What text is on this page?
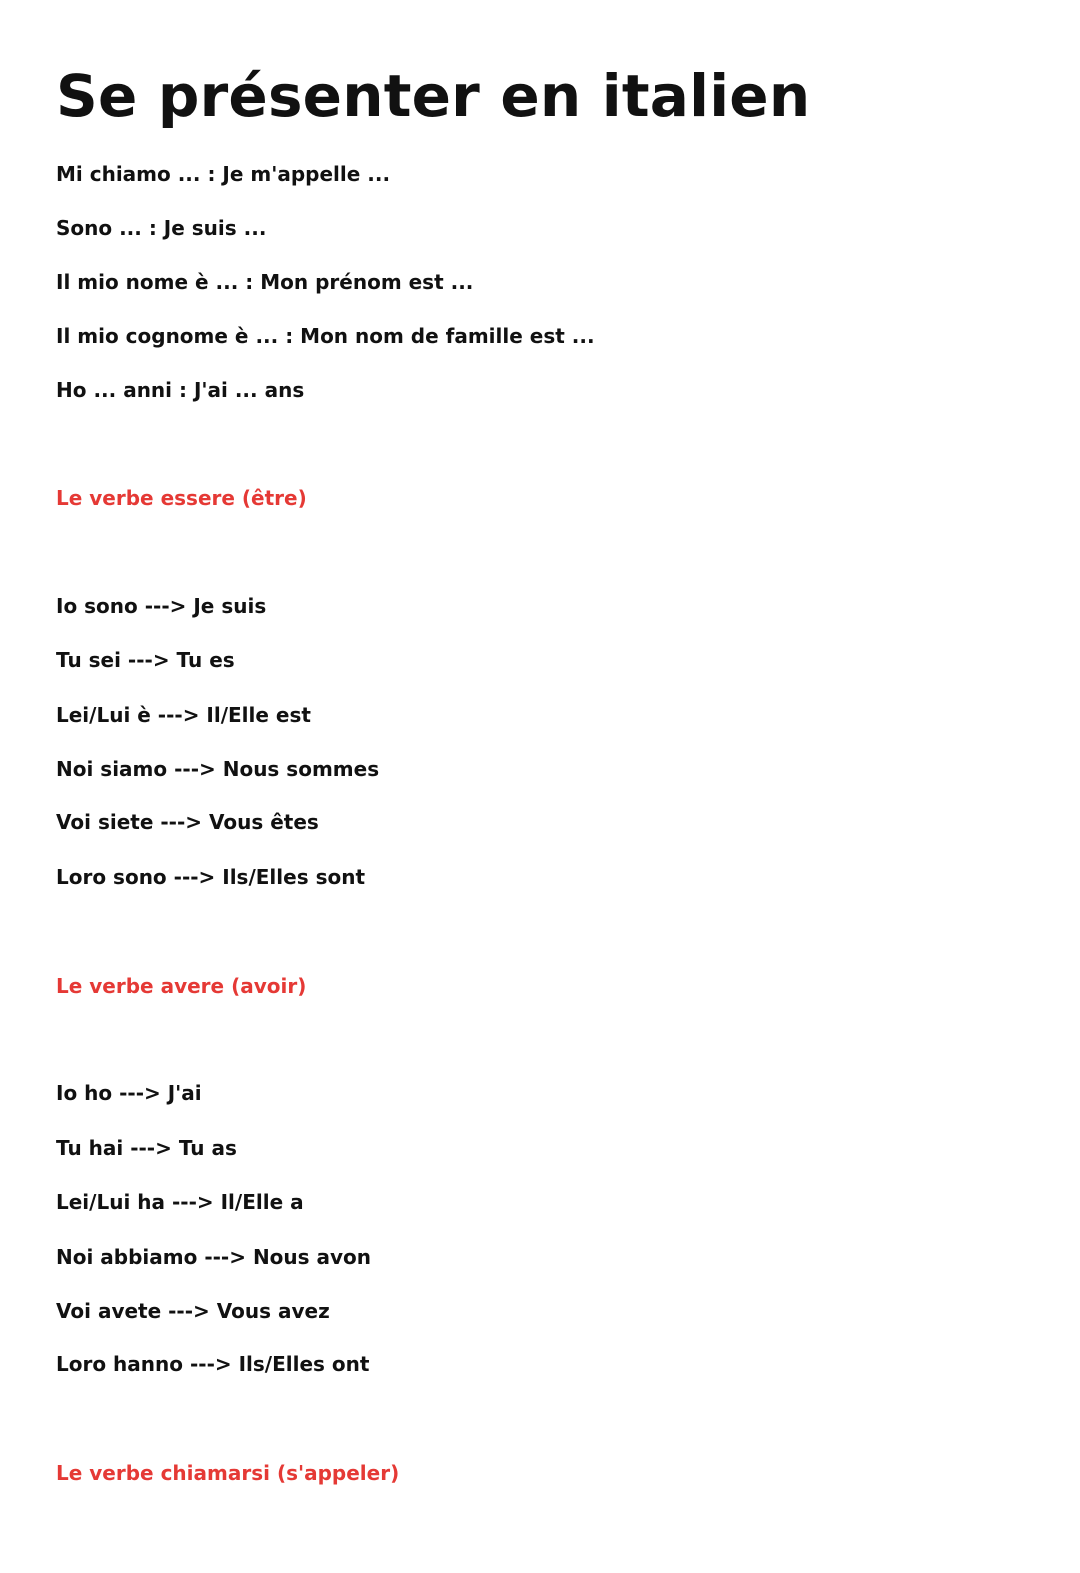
Se présenter en italien

Mi chiamo ... : Je m'appelle ...

Sono ... : Je suis ...

Il mio nome è ... : Mon prénom est ...

Il mio cognome è ... : Mon nom de famille est ...

Ho ... anni : J'ai ... ans

Le verbe essere (être)

Io sono ---> Je suis

Tu sei ---> Tu es

Lei/Lui è ---> Il/Elle est

Noi siamo ---> Nous sommes

Voi siete ---> Vous êtes

Loro sono ---> Ils/Elles sont

Le verbe avere (avoir)

Io ho ---> J'ai

Tu hai ---> Tu as

Lei/Lui ha ---> Il/Elle a

Noi abbiamo ---> Nous avon

Voi avete ---> Vous avez

Loro hanno ---> Ils/Elles ont

Le verbe chiamarsi (s'appeler)
